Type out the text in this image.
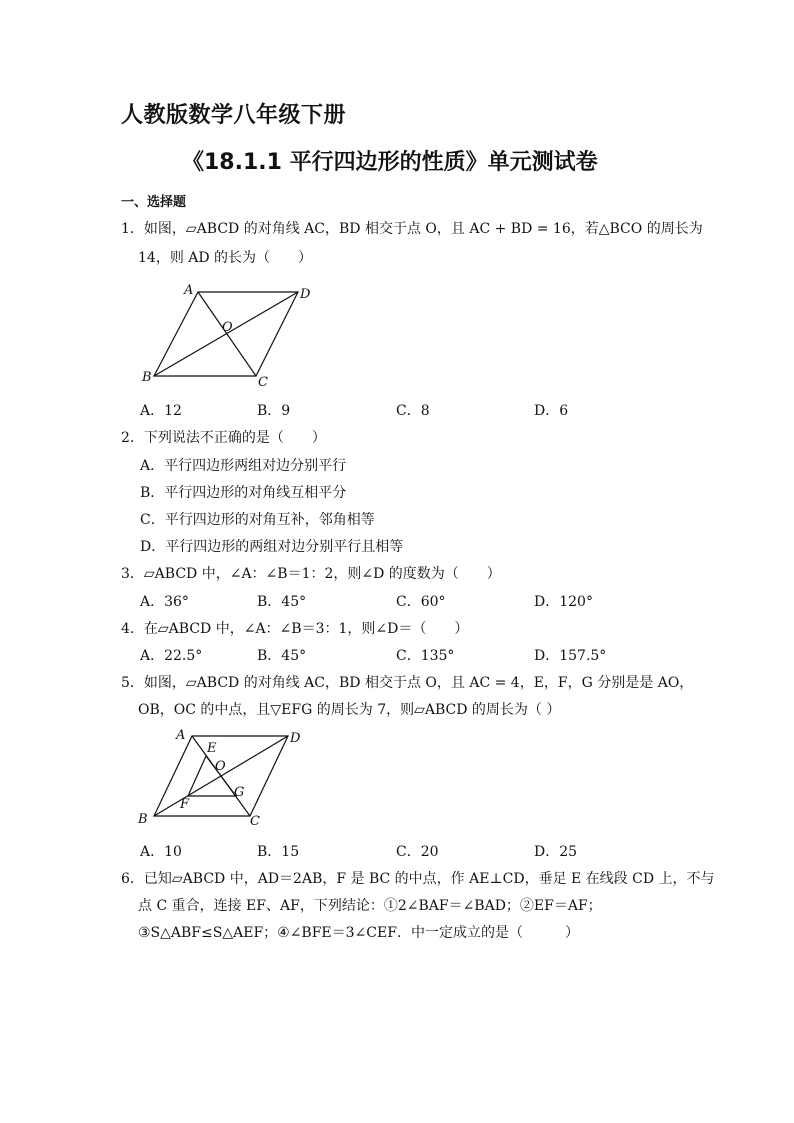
人教版数学八年级下册
《18.1.1 平行四边形的性质》单元测试卷
一、选择题
1．如图，▱ABCD 的对角线 AC，BD 相交于点 O，且 AC + BD = 16，若△BCO 的周长为
14，则 AD 的长为（　　）
A	D
B	C
O
A．12	B．9	C．8	D．6
2．下列说法不正确的是（　　）
A．平行四边形两组对边分别平行
B．平行四边形的对角线互相平分
C．平行四边形的对角互补，邻角相等
D．平行四边形的两组对边分别平行且相等
3．▱ABCD 中，∠A：∠B＝1：2，则∠D 的度数为（　　）
A．36°	B．45°	C．60°	D．120°
4．在▱ABCD 中，∠A：∠B＝3：1，则∠D＝（　　）
A．22.5°	B．45°	C．135°	D．157.5°
5．如图，▱ABCD 的对角线 AC，BD 相交于点 O，且 AC = 4，E，F，G 分别是是 AO，
OB，OC 的中点，且▽EFG 的周长为 7，则▱ABCD 的周长为（ ）
A	D
B	C
E
O
F
G
A．10	B．15	C．20	D．25
6．已知▱ABCD 中，AD＝2AB，F 是 BC 的中点，作 AE⊥CD，垂足 E 在线段 CD 上，不与
点 C 重合，连接 EF、AF，下列结论：①2∠BAF＝∠BAD；②EF＝AF；
③S△ABF≤S△AEF；④∠BFE＝3∠CEF．中一定成立的是（　　　）
